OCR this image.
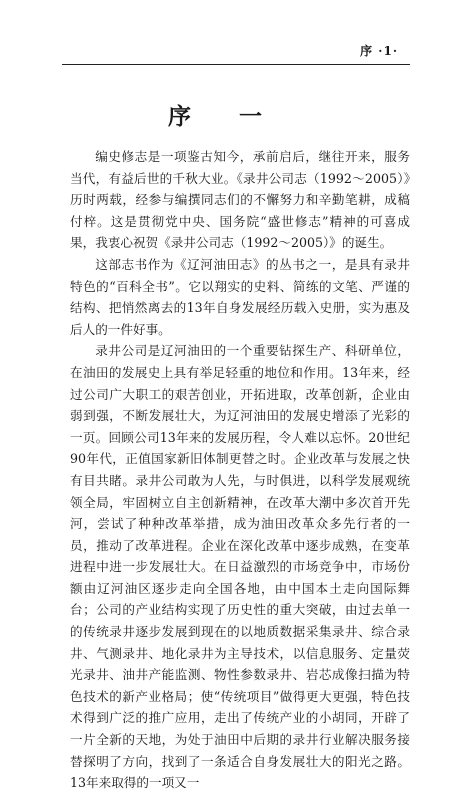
序 ·1·
序 一

编史修志是一项鉴古知今，承前启后，继往开来，服务当代，有益后世的千秋大业。《录井公司志（1992～2005）》历时两载，经参与编撰同志们的不懈努力和辛勤笔耕，成稿付梓。这是贯彻党中央、国务院“盛世修志”精神的可喜成果，我衷心祝贺《录井公司志（1992～2005）》的诞生。

这部志书作为《辽河油田志》的丛书之一，是具有录井特色的“百科全书”。它以翔实的史料、简练的文笔、严谨的结构、把悄然离去的13年自身发展经历载入史册，实为惠及后人的一件好事。

录井公司是辽河油田的一个重要钻探生产、科研单位，在油田的发展史上具有举足轻重的地位和作用。13年来，经过公司广大职工的艰苦创业，开拓进取，改革创新，企业由弱到强，不断发展壮大，为辽河油田的发展史增添了光彩的一页。回顾公司13年来的发展历程，令人难以忘怀。20世纪90年代，正值国家新旧体制更替之时。企业改革与发展之快有目共睹。录井公司敢为人先，与时俱进，以科学发展观统领全局，牢固树立自主创新精神，在改革大潮中多次首开先河，尝试了种种改革举措，成为油田改革众多先行者的一员，推动了改革进程。企业在深化改革中逐步成熟，在变革进程中进一步发展壮大。在日益激烈的市场竞争中，市场份额由辽河油区逐步走向全国各地，由中国本土走向国际舞台；公司的产业结构实现了历史性的重大突破，由过去单一的传统录井逐步发展到现在的以地质数据采集录井、综合录井、气测录井、地化录井为主导技术，以信息服务、定量荧光录井、油井产能监测、物性参数录井、岩芯成像扫描为特色技术的新产业格局；使“传统项目”做得更大更强，特色技术得到广泛的推广应用，走出了传统产业的小胡同，开辟了一片全新的天地，为处于油田中后期的录井行业解决服务接替探明了方向，找到了一条适合自身发展壮大的阳光之路。13年来取得的一项又一
